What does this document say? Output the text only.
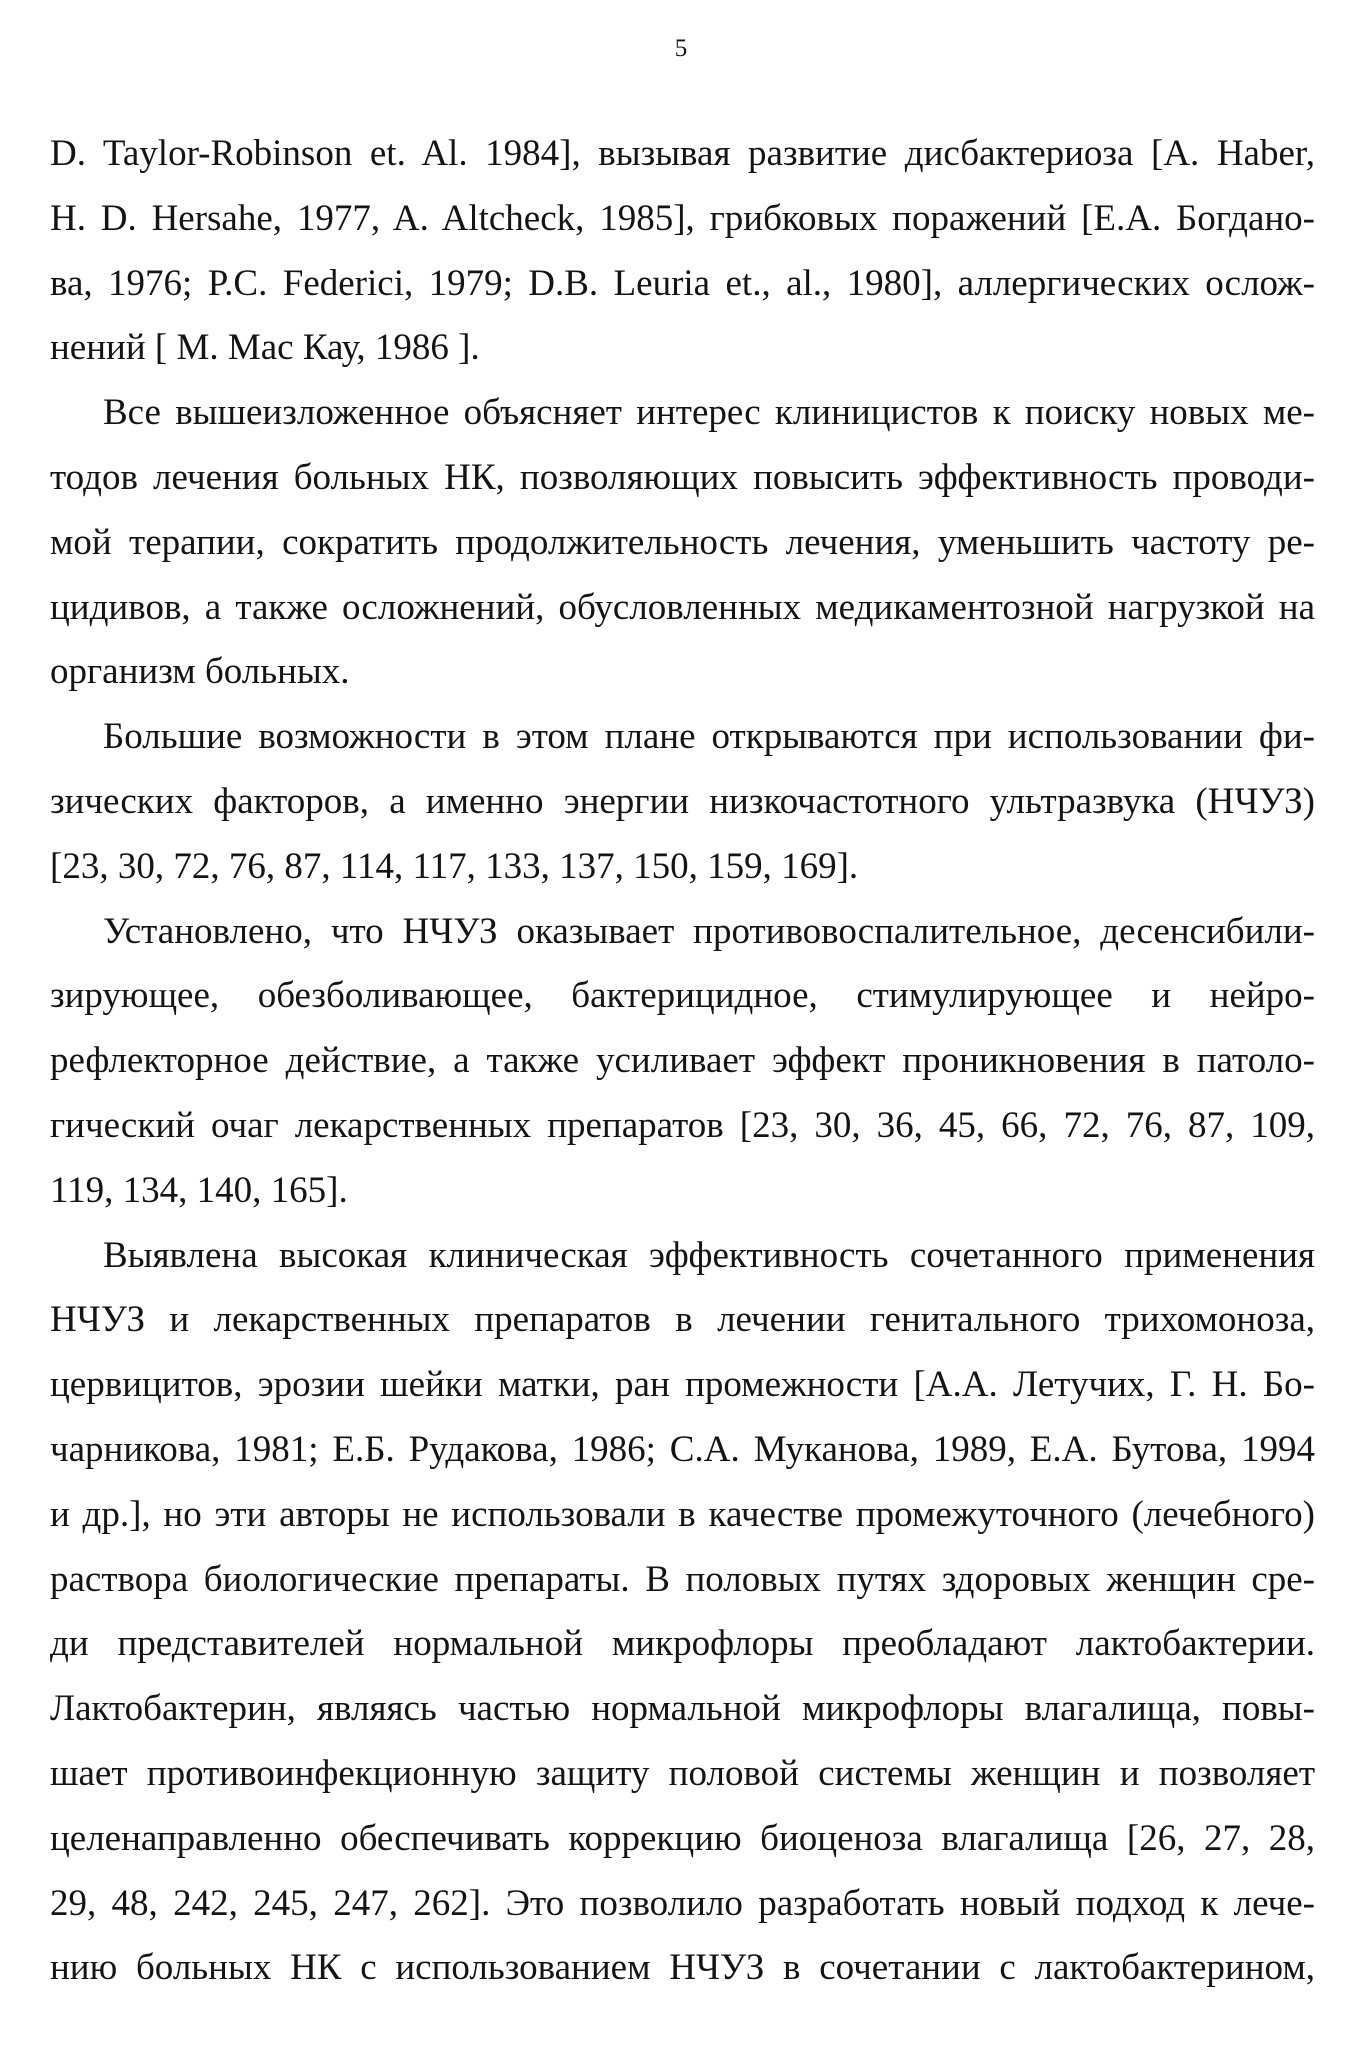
5
D. Taylor-Robinson et. Al. 1984], вызывая развитие дисбактериоза [A. Haber,
H. D. Hersahe, 1977, A. Altcheck, 1985], грибковых поражений [Е.А. Богдано-
ва, 1976; P.C. Federici, 1979; D.B. Leuria et., al., 1980], аллергических ослож-
нений [ M. Mac Кау, 1986 ].
Все вышеизложенное объясняет интерес клиницистов к поиску новых ме-
тодов лечения больных НК, позволяющих повысить эффективность проводи-
мой терапии, сократить продолжительность лечения, уменьшить частоту ре-
цидивов, а также осложнений, обусловленных медикаментозной нагрузкой на
организм больных.
Большие возможности в этом плане открываются при использовании фи-
зических факторов, а именно энергии низкочастотного ультразвука (НЧУЗ)
[23, 30, 72, 76, 87, 114, 117, 133, 137, 150, 159, 169].
Установлено, что НЧУЗ оказывает противовоспалительное, десенсибили-
зирующее, обезболивающее, бактерицидное, стимулирующее и нейро-
рефлекторное действие, а также усиливает эффект проникновения в патоло-
гический очаг лекарственных препаратов [23, 30, 36, 45, 66, 72, 76, 87, 109,
119, 134, 140, 165].
Выявлена высокая клиническая эффективность сочетанного применения
НЧУЗ и лекарственных препаратов в лечении генитального трихомоноза,
цервицитов, эрозии шейки матки, ран промежности [А.А. Летучих, Г. Н. Бо-
чарникова, 1981; Е.Б. Рудакова, 1986; С.А. Муканова, 1989, Е.А. Бутова, 1994
и др.], но эти авторы не использовали в качестве промежуточного (лечебного)
раствора биологические препараты. В половых путях здоровых женщин сре-
ди представителей нормальной микрофлоры преобладают лактобактерии.
Лактобактерин, являясь частью нормальной микрофлоры влагалища, повы-
шает противоинфекционную защиту половой системы женщин и позволяет
целенаправленно обеспечивать коррекцию биоценоза влагалища [26, 27, 28,
29, 48, 242, 245, 247, 262]. Это позволило разработать новый подход к лече-
нию больных НК с использованием НЧУЗ в сочетании с лактобактерином,
